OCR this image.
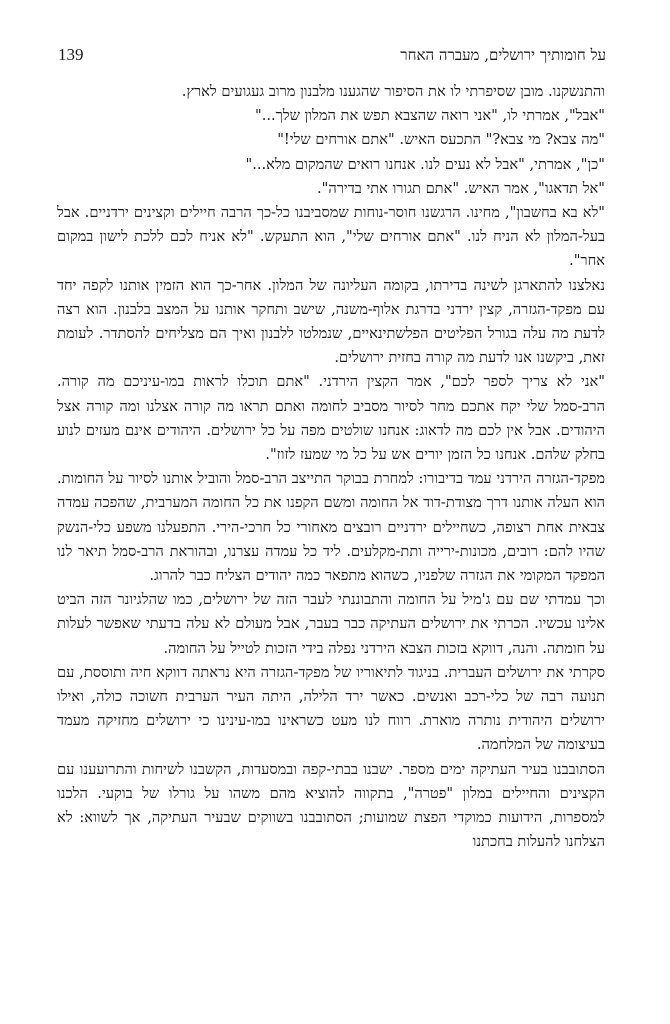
139	על חומותיך ירושלים, מעברה האחר

והתנשקנו. מובן שסיפרתי לו את הסיפור שהגענו מלבנון מרוב געגועים לארץ.

"אבל", אמרתי לו, "אני רואה שהצבא תפש את המלון שלך..."

"מה צבא? מי צבא?" התכעס האיש. "אתם אורחים שלי!"

"כן", אמרתי, "אבל לא נעים לנו. אנחנו רואים שהמקום מלא..."

"אל תדאגו", אמר האיש. "אתם תגורו אתי בדירה".

"לא בא בחשבון", מחינו. הרגשנו חוסר-נוחות שמסביבנו כל-כך הרבה חיילים וקצינים ירדניים. אבל בעל-המלון לא הניח לנו. "אתם אורחים שלי", הוא התעקש. "לא אניח לכם ללכת לישון במקום אחר".

נאלצנו להתארגן לשינה בדירתו, בקומה העליונה של המלון. אחר-כך הוא הזמין אותנו לקפה יחד עם מפקד-הגזרה, קצין ירדני בדרגת אלוף-משנה, שישב ותחקר אותנו על המצב בלבנון. הוא רצה לדעת מה עלה בגורל הפליטים הפלשתינאיים, שנמלטו ללבנון ואיך הם מצליחים להסתדר. לעומת זאת, ביקשנו אנו לדעת מה קורה בחזית ירושלים.

"אני לא צריך לספר לכם", אמר הקצין הירדני. "אתם תוכלו לראות במו-עיניכם מה קורה. הרב-סמל שלי יקח אתכם מחר לסיור מסביב לחומה ואתם תראו מה קורה אצלנו ומה קורה אצל היהודים. אבל אין לכם מה לדאוג: אנחנו שולטים מפה על כל ירושלים. היהודים אינם מעזים לנוע בחלק שלהם. אנחנו כל הזמן יורים אש על כל מי שמעז לזוז".

מפקד-הגזרה הירדני עמד בדיבורו: למחרת בבוקר התייצב הרב-סמל והוביל אותנו לסיור על החומות. הוא העלה אותנו דרך מצודת-דוד אל החומה ומשם הקפנו את כל החומה המערבית, שהפכה עמדה צבאית אחת רצופה, כשחיילים ירדניים רובצים מאחורי כל חרכי-הירי. התפעלנו משפע כלי-הנשק שהיו להם: רובים, מכונות-ירייה ותת-מקלעים. ליד כל עמדה עצרנו, ובהוראת הרב-סמל תיאר לנו המפקד המקומי את הגזרה שלפניו, כשהוא מתפאר כמה יהודים הצליח כבר להרוג.

וכך עמדתי שם עם ג'מיל על החומה והתבוננתי לעבר הזה של ירושלים, כמו שהלגיונר הזה הביט אלינו עכשיו. הכרתי את ירושלים העתיקה כבר בעבר, אבל מעולם לא עלה בדעתי שאפשר לעלות על חומתה. והנה, דווקא בזכות הצבא הירדני נפלה בידי הזכות לטייל על החומה.

סקרתי את ירושלים העברית. בניגוד לתיאוריו של מפקד-הגזרה היא נראתה דווקא חיה ותוססת, עם תנועה רבה של כלי-רכב ואנשים. כאשר ירד הלילה, היתה העיר הערבית חשוכה כולה, ואילו ירושלים היהודית נותרה מוארת. רווח לנו מעט כשראינו במו-עינינו כי ירושלים מחזיקה מעמד בעיצומה של המלחמה.

הסתובבנו בעיר העתיקה ימים מספר. ישבנו בבתי-קפה ובמסעדות, הקשבנו לשיחות והתרועענו עם הקצינים והחיילים במלון "פטרה", בתקווה להוציא מהם משהו על גורלו של בוקעי. הלכנו למספרות, הידועות כמוקדי הפצת שמועות; הסתובבנו בשווקים שבעיר העתיקה, אך לשווא: לא הצלחנו להעלות בחכתנו
